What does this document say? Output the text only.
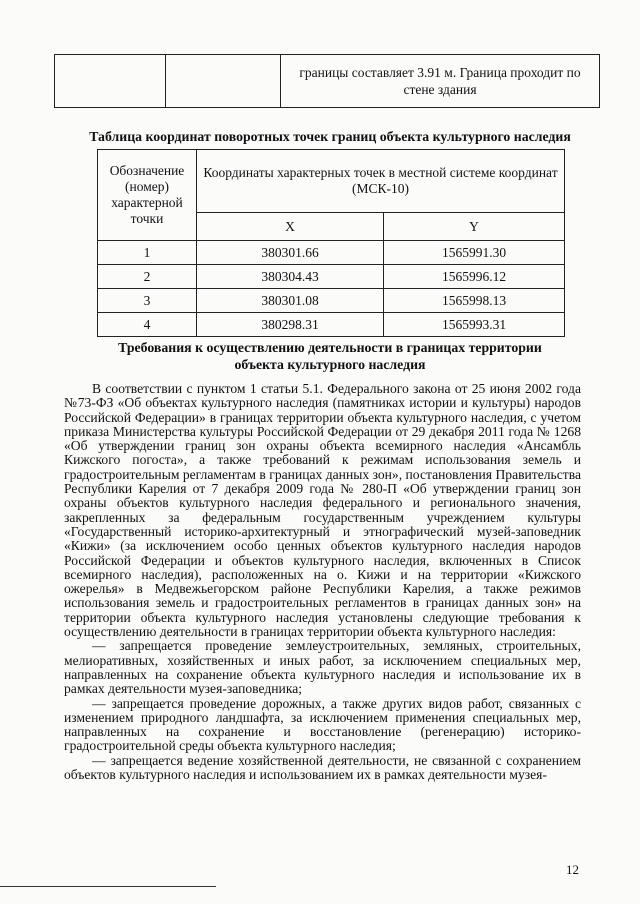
		границы составляет 3.91 м. Граница проходит по стене здания
Таблица координат поворотных точек границ объекта культурного наследия
Обозначение (номер) характерной точки	Координаты характерных точек в местной системе координат (МСК-10)	
	X	Y
1	380301.66	1565991.30
2	380304.43	1565996.12
3	380301.08	1565998.13
4	380298.31	1565993.31
Требования к осуществлению деятельности в границах территории
объекта культурного наследия

В соответствии с пунктом 1 статьи 5.1. Федерального закона от 25 июня 2002 года №73-ФЗ «Об объектах культурного наследия (памятниках истории и культуры) народов Российской Федерации» в границах территории объекта культурного наследия, с учетом приказа Министерства культуры Российской Федерации от 29 декабря 2011 года № 1268 «Об утверждении границ зон охраны объекта всемирного наследия «Ансамбль Кижского погоста», а также требований к режимам использования земель и градостроительным регламентам в границах данных зон», постановления Правительства Республики Карелия от 7 декабря 2009 года № 280-П «Об утверждении границ зон охраны объектов культурного наследия федерального и регионального значения, закрепленных за федеральным государственным учреждением культуры «Государственный историко-архитектурный и этнографический музей-заповедник «Кижи» (за исключением особо ценных объектов культурного наследия народов Российской Федерации и объектов культурного наследия, включенных в Список всемирного наследия), расположенных на о. Кижи и на территории «Кижского ожерелья» в Медвежьегорском районе Республики Карелия, а также режимов использования земель и градостроительных регламентов в границах данных зон» на территории объекта культурного наследия установлены следующие требования к осуществлению деятельности в границах территории объекта культурного наследия:

— запрещается проведение землеустроительных, земляных, строительных, мелиоративных, хозяйственных и иных работ, за исключением специальных мер, направленных на сохранение объекта культурного наследия и использование их в рамках деятельности музея-заповедника;

— запрещается проведение дорожных, а также других видов работ, связанных с изменением природного ландшафта, за исключением применения специальных мер, направленных на сохранение и восстановление (регенерацию) историко-градостроительной среды объекта культурного наследия;

— запрещается ведение хозяйственной деятельности, не связанной с сохранением объектов культурного наследия и использованием их в рамках деятельности музея-

12
